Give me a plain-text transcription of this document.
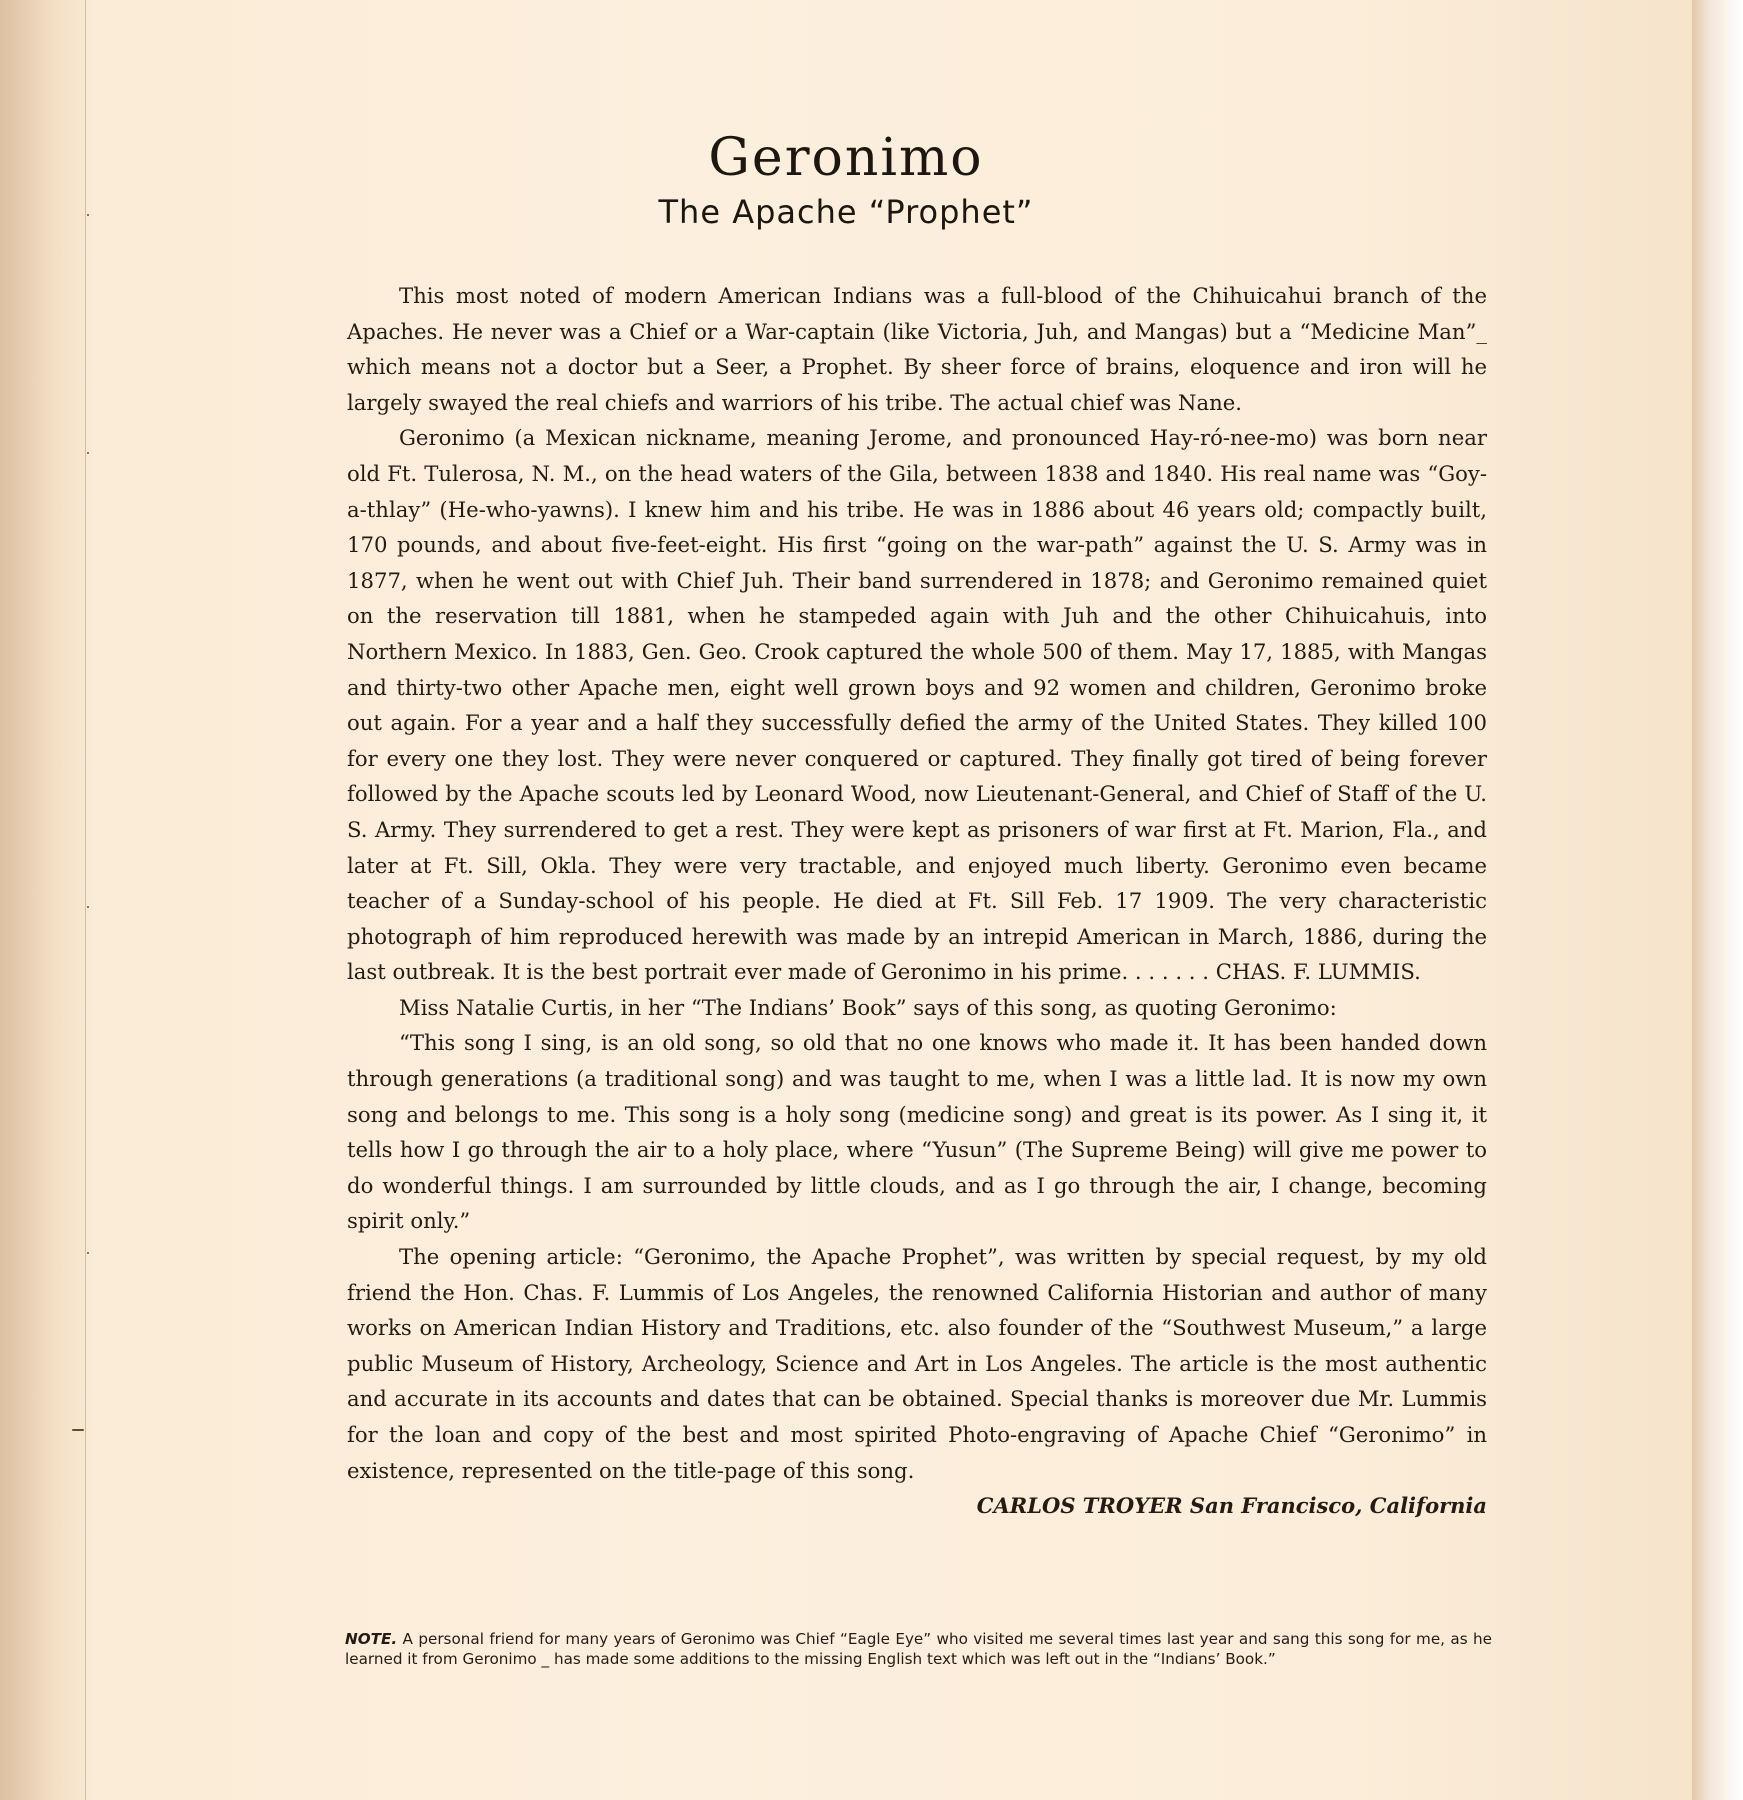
Geronimo
The Apache “Prophet”

This most noted of modern American Indians was a full-blood of the Chihuicahui branch of the Apaches. He never was a Chief or a War-captain (like Victoria, Juh, and Mangas) but a “Medicine Man”_ which means not a doctor but a Seer, a Prophet. By sheer force of brains, eloquence and iron will he largely swayed the real chiefs and warriors of his tribe. The actual chief was Nane.

Geronimo (a Mexican nickname, meaning Jerome, and pronounced Hay-ró-nee-mo) was born near old Ft. Tulerosa, N. M., on the head waters of the Gila, between 1838 and 1840. His real name was “Goy-a-thlay” (He-who-yawns). I knew him and his tribe. He was in 1886 about 46 years old; compactly built, 170 pounds, and about five-feet-eight. His first “going on the war-path” against the U. S. Army was in 1877, when he went out with Chief Juh. Their band surrendered in 1878; and Geronimo remained quiet on the reservation till 1881, when he stampeded again with Juh and the other Chihuicahuis, into Northern Mexico. In 1883, Gen. Geo. Crook captured the whole 500 of them. May 17, 1885, with Mangas and thirty-two other Apache men, eight well grown boys and 92 women and children, Geronimo broke out again. For a year and a half they successfully defied the army of the United States. They killed 100 for every one they lost. They were never conquered or captured. They finally got tired of being forever followed by the Apache scouts led by Leonard Wood, now Lieutenant-General, and Chief of Staff of the U. S. Army. They surrendered to get a rest. They were kept as prisoners of war first at Ft. Marion, Fla., and later at Ft. Sill, Okla. They were very tractable, and enjoyed much liberty. Geronimo even became teacher of a Sunday-school of his people. He died at Ft. Sill Feb. 17 1909. The very characteristic photograph of him reproduced herewith was made by an intrepid American in March, 1886, during the last outbreak. It is the best portrait ever made of Geronimo in his prime. . . . . . . CHAS. F. LUMMIS.

Miss Natalie Curtis, in her “The Indians’ Book” says of this song, as quoting Geronimo:

“This song I sing, is an old song, so old that no one knows who made it. It has been handed down through generations (a traditional song) and was taught to me, when I was a little lad. It is now my own song and belongs to me. This song is a holy song (medicine song) and great is its power. As I sing it, it tells how I go through the air to a holy place, where “Yusun” (The Supreme Being) will give me power to do wonderful things. I am surrounded by little clouds, and as I go through the air, I change, becoming spirit only.”

The opening article: “Geronimo, the Apache Prophet”, was written by special request, by my old friend the Hon. Chas. F. Lummis of Los Angeles, the renowned California Historian and author of many works on American Indian History and Traditions, etc. also founder of the “Southwest Museum,” a large public Museum of History, Archeology, Science and Art in Los Angeles. The article is the most authentic and accurate in its accounts and dates that can be obtained. Special thanks is moreover due Mr. Lummis for the loan and copy of the best and most spirited Photo-engraving of Apache Chief “Geronimo” in existence, represented on the title-page of this song.

CARLOS TROYER San Francisco, California
NOTE. A personal friend for many years of Geronimo was Chief “Eagle Eye” who visited me several times last year and sang this song for me, as he learned it from Geronimo _ has made some additions to the missing English text which was left out in the “Indians’ Book.”
